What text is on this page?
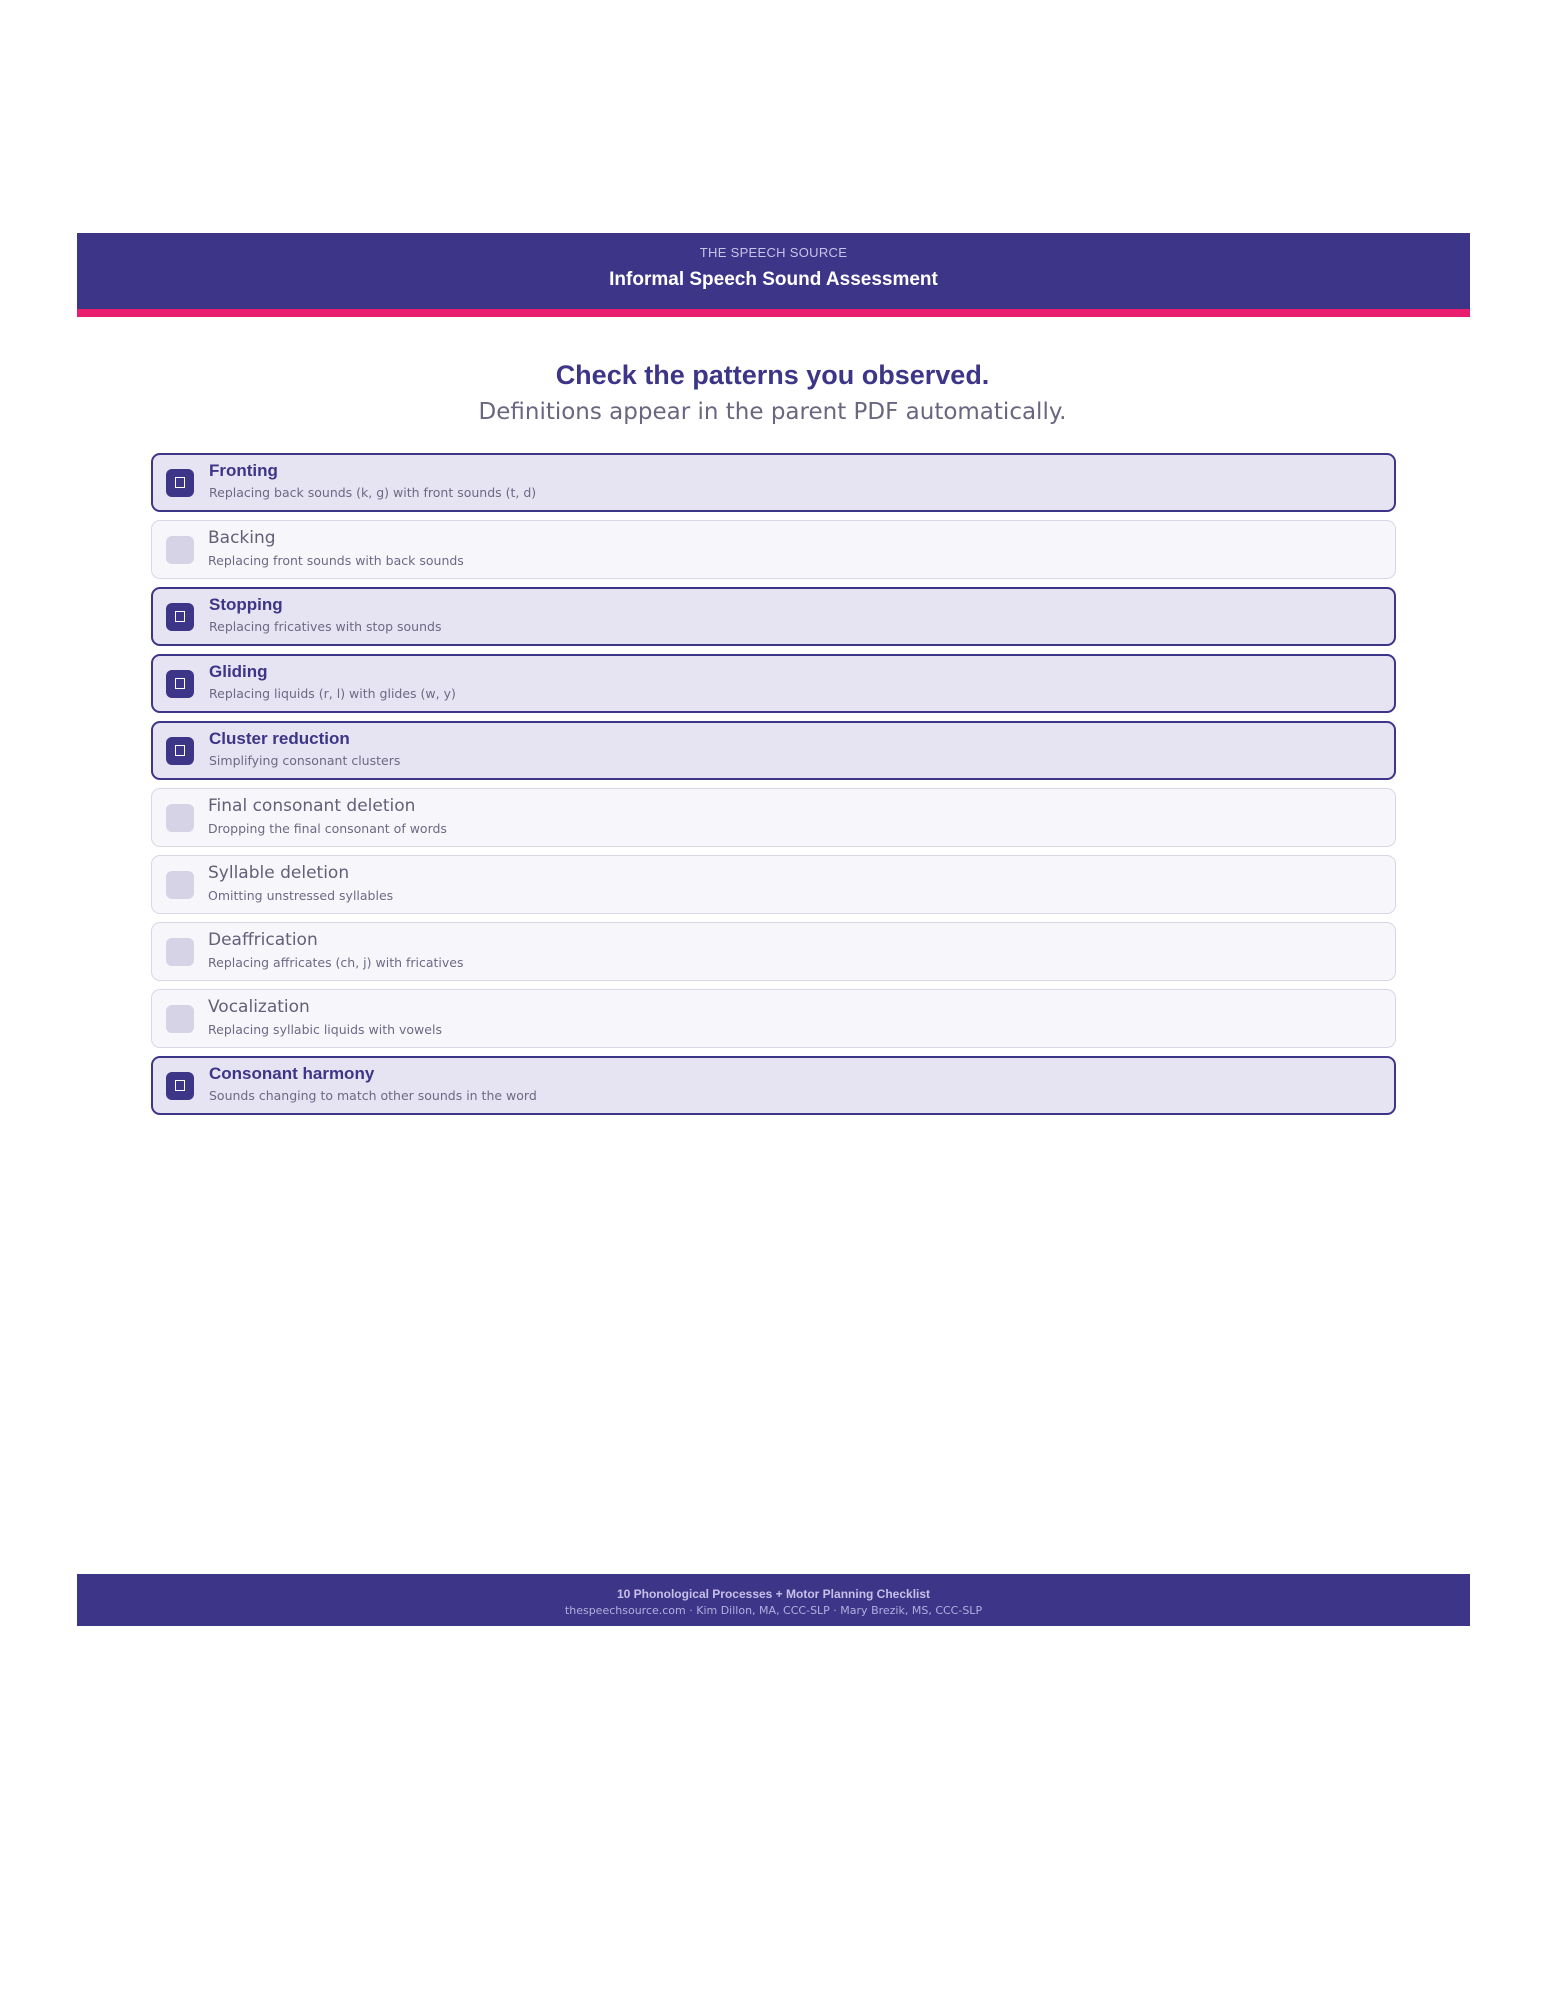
THE SPEECH SOURCE
Informal Speech Sound Assessment
Check the patterns you observed.
Definitions appear in the parent PDF automatically.
Fronting
Replacing back sounds (k, g) with front sounds (t, d)
Backing
Replacing front sounds with back sounds
Stopping
Replacing fricatives with stop sounds
Gliding
Replacing liquids (r, l) with glides (w, y)
Cluster reduction
Simplifying consonant clusters
Final consonant deletion
Dropping the final consonant of words
Syllable deletion
Omitting unstressed syllables
Deaffrication
Replacing affricates (ch, j) with fricatives
Vocalization
Replacing syllabic liquids with vowels
Consonant harmony
Sounds changing to match other sounds in the word
10 Phonological Processes + Motor Planning Checklist
thespeechsource.com · Kim Dillon, MA, CCC-SLP · Mary Brezik, MS, CCC-SLP
